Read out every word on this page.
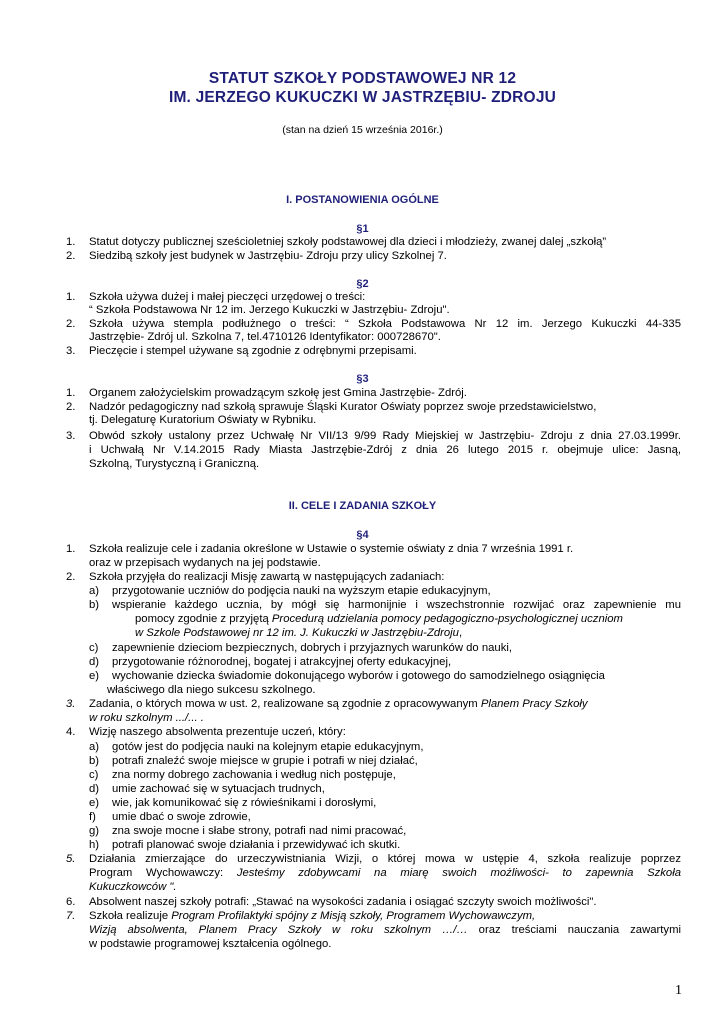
STATUT SZKOŁY PODSTAWOWEJ NR 12
IM. JERZEGO KUKUCZKI W JASTRZĘBIU- ZDROJU
(stan na dzień 15 września 2016r.)
I. POSTANOWIENIA OGÓLNE
§1
1. Statut dotyczy publicznej sześcioletniej szkoły podstawowej dla dzieci i młodzieży, zwanej dalej „szkołą”
2. Siedzibą szkoły jest budynek w Jastrzębiu- Zdroju przy ulicy Szkolnej 7.
§2
1. Szkoła używa dużej i małej pieczęci urzędowej o treści:
“ Szkoła Podstawowa Nr 12 im. Jerzego Kukuczki w Jastrzębiu- Zdroju".
2. Szkoła używa stempla podłużnego o treści: “ Szkoła Podstawowa Nr 12 im. Jerzego Kukuczki 44-335
Jastrzębie- Zdrój ul. Szkolna 7, tel.4710126 Identyfikator: 000728670".
3. Pieczęcie i stempel używane są zgodnie z odrębnymi przepisami.
§3
1. Organem założycielskim prowadzącym szkołę jest Gmina Jastrzębie- Zdrój.
2. Nadzór pedagogiczny nad szkołą sprawuje Śląski Kurator Oświaty poprzez swoje przedstawicielstwo,
tj. Delegaturę Kuratorium Oświaty w Rybniku.
3. Obwód szkoły ustalony przez Uchwałę Nr VII/13 9/99 Rady Miejskiej w Jastrzębiu- Zdroju z dnia 27.03.1999r.
i Uchwałą Nr V.14.2015 Rady Miasta Jastrzębie-Zdrój z dnia 26 lutego 2015 r. obejmuje ulice: Jasną,
Szkolną, Turystyczną i Graniczną.
II. CELE I ZADANIA SZKOŁY
§4
1. Szkoła realizuje cele i zadania określone w Ustawie o systemie oświaty z dnia 7 września 1991 r.
oraz w przepisach wydanych na jej podstawie.
2. Szkoła przyjęła do realizacji Misję zawartą w następujących zadaniach:
a) przygotowanie uczniów do podjęcia nauki na wyższym etapie edukacyjnym,
b) wspieranie każdego ucznia, by mógł się harmonijnie i wszechstronnie rozwijać oraz zapewnienie mu
pomocy zgodnie z przyjętą Procedurą udzielania pomocy pedagogiczno-psychologicznej uczniom
w Szkole Podstawowej nr 12 im. J. Kukuczki w Jastrzębiu-Zdroju,
c) zapewnienie dzieciom bezpiecznych, dobrych i przyjaznych warunków do nauki,
d) przygotowanie różnorodnej, bogatej i atrakcyjnej oferty edukacyjnej,
e) wychowanie dziecka świadomie dokonującego wyborów i gotowego do samodzielnego osiągnięcia
właściwego dla niego sukcesu szkolnego.
3. Zadania, o których mowa w ust. 2, realizowane są zgodnie z opracowywanym Planem Pracy Szkoły
w roku szkolnym .../... .
4. Wizję naszego absolwenta prezentuje uczeń, który:
a) gotów jest do podjęcia nauki na kolejnym etapie edukacyjnym,
b) potrafi znaleźć swoje miejsce w grupie i potrafi w niej działać,
c) zna normy dobrego zachowania i według nich postępuje,
d) umie zachować się w sytuacjach trudnych,
e) wie, jak komunikować się z rówieśnikami i dorosłymi,
f) umie dbać o swoje zdrowie,
g) zna swoje mocne i słabe strony, potrafi nad nimi pracować,
h) potrafi planować swoje działania i przewidywać ich skutki.
5. Działania zmierzające do urzeczywistniania Wizji, o której mowa w ustępie 4, szkoła realizuje poprzez
Program Wychowawczy: Jesteśmy zdobywcami na miarę swoich możliwości- to zapewnia Szkoła
Kukuczkowców ".
6. Absolwent naszej szkoły potrafi: „Stawać na wysokości zadania i osiągać szczyty swoich możliwości".
7. Szkoła realizuje Program Profilaktyki spójny z Misją szkoły, Programem Wychowawczym,
Wizją absolwenta, Planem Pracy Szkoły w roku szkolnym …/… oraz treściami nauczania zawartymi
w podstawie programowej kształcenia ogólnego.
1
